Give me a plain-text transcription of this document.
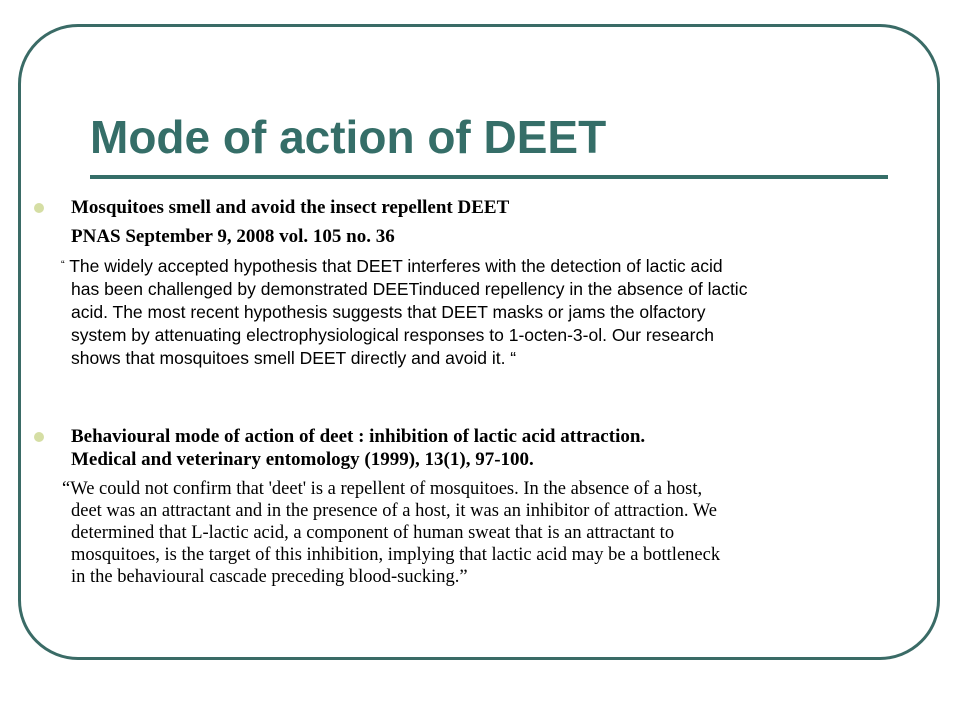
Mode of action of DEET
Mosquitoes smell and avoid the insect repellent DEET
PNAS September 9, 2008 vol. 105 no. 36
“ The widely accepted hypothesis that DEET interferes with the detection of lactic acid
has been challenged by demonstrated DEETinduced repellency in the absence of lactic
acid. The most recent hypothesis suggests that DEET masks or jams the olfactory
system by attenuating electrophysiological responses to 1-octen-3-ol. Our research
shows that mosquitoes smell DEET directly and avoid it. “
Behavioural mode of action of deet : inhibition of lactic acid attraction.
Medical and veterinary entomology (1999), 13(1), 97-100.
“We could not confirm that 'deet' is a repellent of mosquitoes. In the absence of a host,
deet was an attractant and in the presence of a host, it was an inhibitor of attraction. We
determined that L-lactic acid, a component of human sweat that is an attractant to
mosquitoes, is the target of this inhibition, implying that lactic acid may be a bottleneck
in the behavioural cascade preceding blood-sucking.”
